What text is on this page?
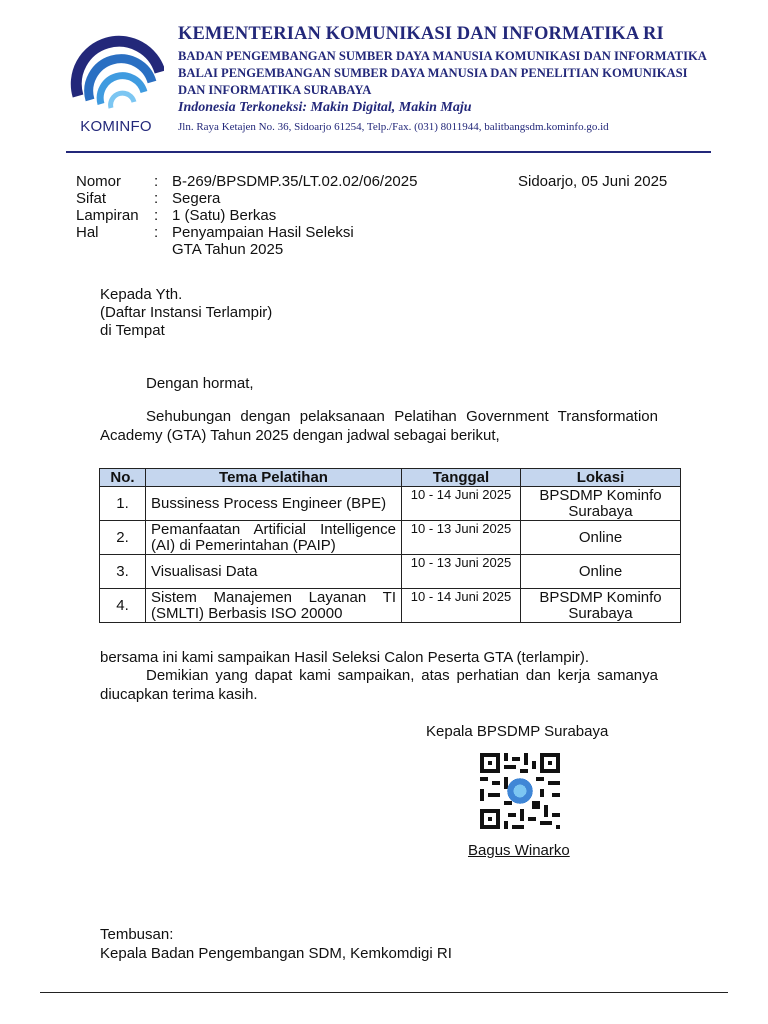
KOMINFO
KEMENTERIAN KOMUNIKASI DAN INFORMATIKA RI
BADAN PENGEMBANGAN SUMBER DAYA MANUSIA KOMUNIKASI DAN INFORMATIKA
BALAI PENGEMBANGAN SUMBER DAYA MANUSIA DAN PENELITIAN KOMUNIKASI
DAN INFORMATIKA SURABAYA
Indonesia Terkoneksi: Makin Digital, Makin Maju
Jln. Raya Ketajen No. 36, Sidoarjo 61254, Telp./Fax. (031) 8011944, balitbangsdm.kominfo.go.id
Nomor	: B-269/BPSDMP.35/LT.02.02/06/2025
Sifat	: Segera
Lampiran	: 1 (Satu) Berkas
Hal	: Penyampaian Hasil Seleksi
GTA Tahun 2025
Sidoarjo, 05 Juni 2025
Kepada Yth.
(Daftar Instansi Terlampir)
di Tempat
Dengan hormat,
Sehubungan dengan pelaksanaan Pelatihan Government Transformation Academy (GTA) Tahun 2025 dengan jadwal sebagai berikut,
No.	Tema Pelatihan	Tanggal	Lokasi
1.	Bussiness Process Engineer (BPE)	10 - 14 Juni 2025	BPSDMP Kominfo Surabaya
2.	Pemanfaatan Artificial Intelligence (AI) di Pemerintahan (PAIP)	10 - 13 Juni 2025	Online
3.	Visualisasi Data	10 - 13 Juni 2025	Online
4.	Sistem Manajemen Layanan TI (SMLTI) Berbasis ISO 20000	10 - 14 Juni 2025	BPSDMP Kominfo Surabaya
bersama ini kami sampaikan Hasil Seleksi Calon Peserta GTA (terlampir).
Demikian yang dapat kami sampaikan, atas perhatian dan kerja samanya diucapkan terima kasih.
Kepala BPSDMP Surabaya
Bagus Winarko
Tembusan:
Kepala Badan Pengembangan SDM, Kemkomdigi RI
